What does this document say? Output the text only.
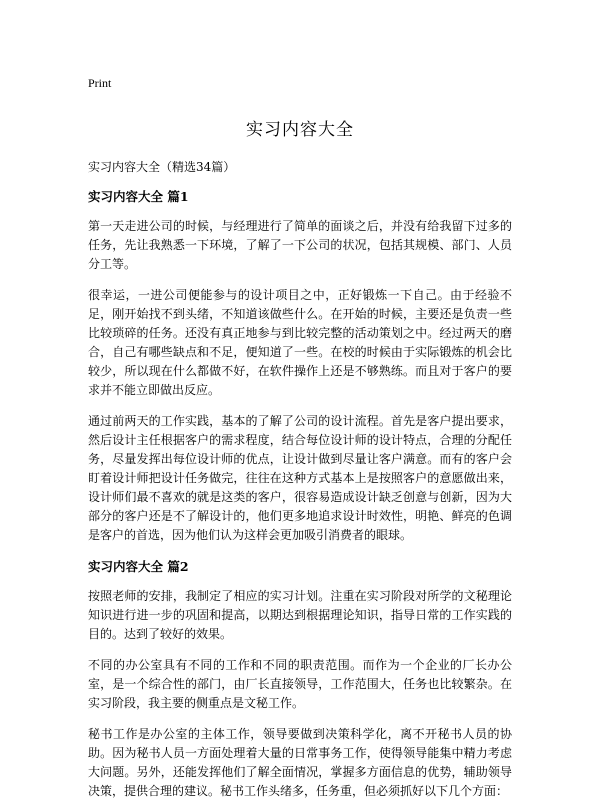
Print
实习内容大全

实习内容大全（精选34篇）

实习内容大全 篇1

第一天走进公司的时候，与经理进行了简单的面谈之后，并没有给我留下过多的任务，先让我熟悉一下环境，了解了一下公司的状况，包括其规模、部门、人员分工等。

很幸运，一进公司便能参与的设计项目之中，正好锻炼一下自己。由于经验不足，刚开始找不到头绪，不知道该做些什么。在开始的时候，主要还是负责一些比较琐碎的任务。还没有真正地参与到比较完整的活动策划之中。经过两天的磨合，自己有哪些缺点和不足，便知道了一些。在校的时候由于实际锻炼的机会比较少，所以现在什么都做不好，在软件操作上还是不够熟练。而且对于客户的要求并不能立即做出反应。

通过前两天的工作实践，基本的了解了公司的设计流程。首先是客户提出要求，然后设计主任根据客户的需求程度，结合每位设计师的设计特点，合理的分配任务，尽量发挥出每位设计师的优点，让设计做到尽量让客户满意。而有的客户会盯着设计师把设计任务做完，往往在这种方式基本上是按照客户的意愿做出来，设计师们最不喜欢的就是这类的客户，很容易造成设计缺乏创意与创新，因为大部分的客户还是不了解设计的，他们更多地追求设计时效性，明艳、鲜亮的色调是客户的首选，因为他们认为这样会更加吸引消费者的眼球。

实习内容大全 篇2

按照老师的安排，我制定了相应的实习计划。注重在实习阶段对所学的文秘理论知识进行进一步的巩固和提高，以期达到根据理论知识，指导日常的工作实践的目的。达到了较好的效果。

不同的办公室具有不同的工作和不同的职责范围。而作为一个企业的厂长办公室，是一个综合性的部门，由厂长直接领导，工作范围大，任务也比较繁杂。在实习阶段，我主要的侧重点是文秘工作。

秘书工作是办公室的主体工作，领导要做到决策科学化，离不开秘书人员的协助。因为秘书人员一方面处理着大量的日常事务工作，使得领导能集中精力考虑大问题。另外，还能发挥他们了解全面情况，掌握多方面信息的优势，辅助领导决策，提供合理的建议。秘书工作头绪多，任务重，但必须抓好以下几个方面：
